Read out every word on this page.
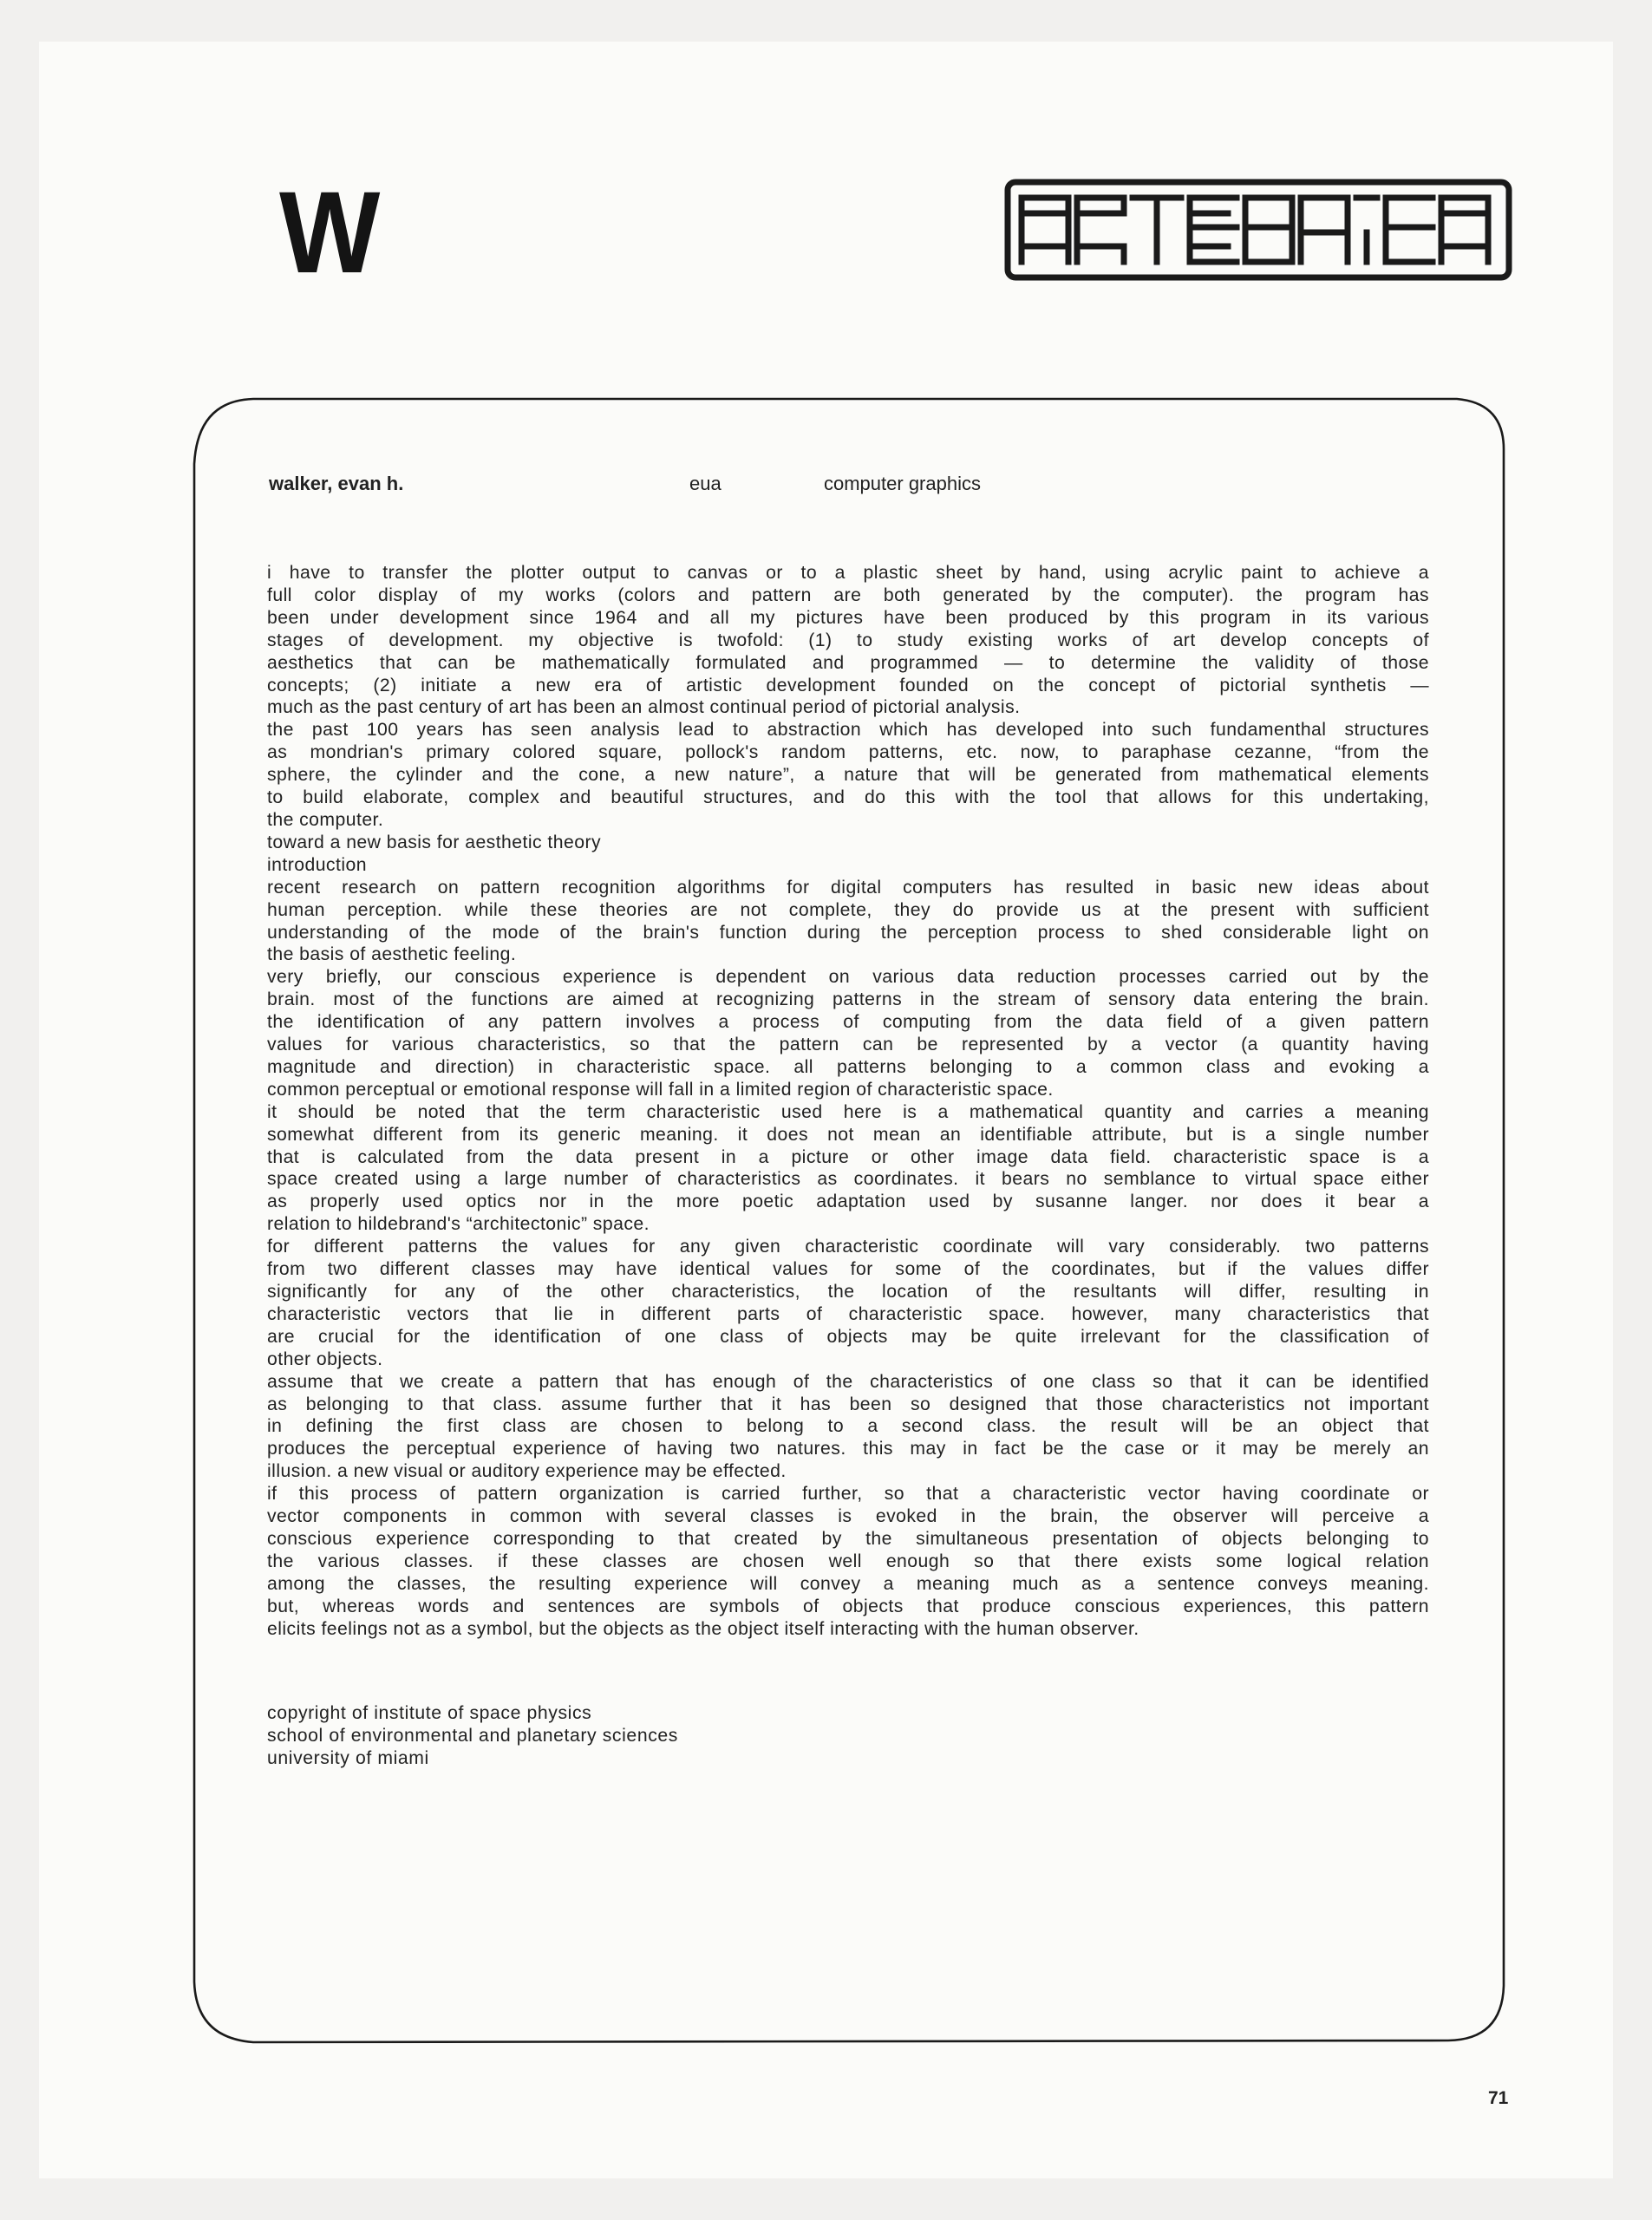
W
walker, evan h.	eua	computer graphics
i have to transfer the plotter output to canvas or to a plastic sheet by hand, using acrylic paint to achieve a
full color display of my works (colors and pattern are both generated by the computer). the program has
been under development since 1964 and all my pictures have been produced by this program in its various
stages of development. my objective is twofold: (1) to study existing works of art develop concepts of
aesthetics that can be mathematically formulated and programmed — to determine the validity of those
concepts; (2) initiate a new era of artistic development founded on the concept of pictorial synthetis —
much as the past century of art has been an almost continual period of pictorial analysis.
the past 100 years has seen analysis lead to abstraction which has developed into such fundamenthal structures
as mondrian's primary colored square, pollock's random patterns, etc. now, to paraphase cezanne, “from the
sphere, the cylinder and the cone, a new nature”, a nature that will be generated from mathematical elements
to build elaborate, complex and beautiful structures, and do this with the tool that allows for this undertaking,
the computer.
toward a new basis for aesthetic theory
introduction
recent research on pattern recognition algorithms for digital computers has resulted in basic new ideas about
human perception. while these theories are not complete, they do provide us at the present with sufficient
understanding of the mode of the brain's function during the perception process to shed considerable light on
the basis of aesthetic feeling.
very briefly, our conscious experience is dependent on various data reduction processes carried out by the
brain. most of the functions are aimed at recognizing patterns in the stream of sensory data entering the brain.
the identification of any pattern involves a process of computing from the data field of a given pattern
values for various characteristics, so that the pattern can be represented by a vector (a quantity having
magnitude and direction) in characteristic space. all patterns belonging to a common class and evoking a
common perceptual or emotional response will fall in a limited region of characteristic space.
it should be noted that the term characteristic used here is a mathematical quantity and carries a meaning
somewhat different from its generic meaning. it does not mean an identifiable attribute, but is a single number
that is calculated from the data present in a picture or other image data field. characteristic space is a
space created using a large number of characteristics as coordinates. it bears no semblance to virtual space either
as properly used optics nor in the more poetic adaptation used by susanne langer. nor does it bear a
relation to hildebrand's “architectonic” space.
for different patterns the values for any given characteristic coordinate will vary considerably. two patterns
from two different classes may have identical values for some of the coordinates, but if the values differ
significantly for any of the other characteristics, the location of the resultants will differ, resulting in
characteristic vectors that lie in different parts of characteristic space. however, many characteristics that
are crucial for the identification of one class of objects may be quite irrelevant for the classification of
other objects.
assume that we create a pattern that has enough of the characteristics of one class so that it can be identified
as belonging to that class. assume further that it has been so designed that those characteristics not important
in defining the first class are chosen to belong to a second class. the result will be an object that
produces the perceptual experience of having two natures. this may in fact be the case or it may be merely an
illusion. a new visual or auditory experience may be effected.
if this process of pattern organization is carried further, so that a characteristic vector having coordinate or
vector components in common with several classes is evoked in the brain, the observer will perceive a
conscious experience corresponding to that created by the simultaneous presentation of objects belonging to
the various classes. if these classes are chosen well enough so that there exists some logical relation
among the classes, the resulting experience will convey a meaning much as a sentence conveys meaning.
but, whereas words and sentences are symbols of objects that produce conscious experiences, this pattern
elicits feelings not as a symbol, but the objects as the object itself interacting with the human observer.
copyright of institute of space physics
school of environmental and planetary sciences
university of miami
71
